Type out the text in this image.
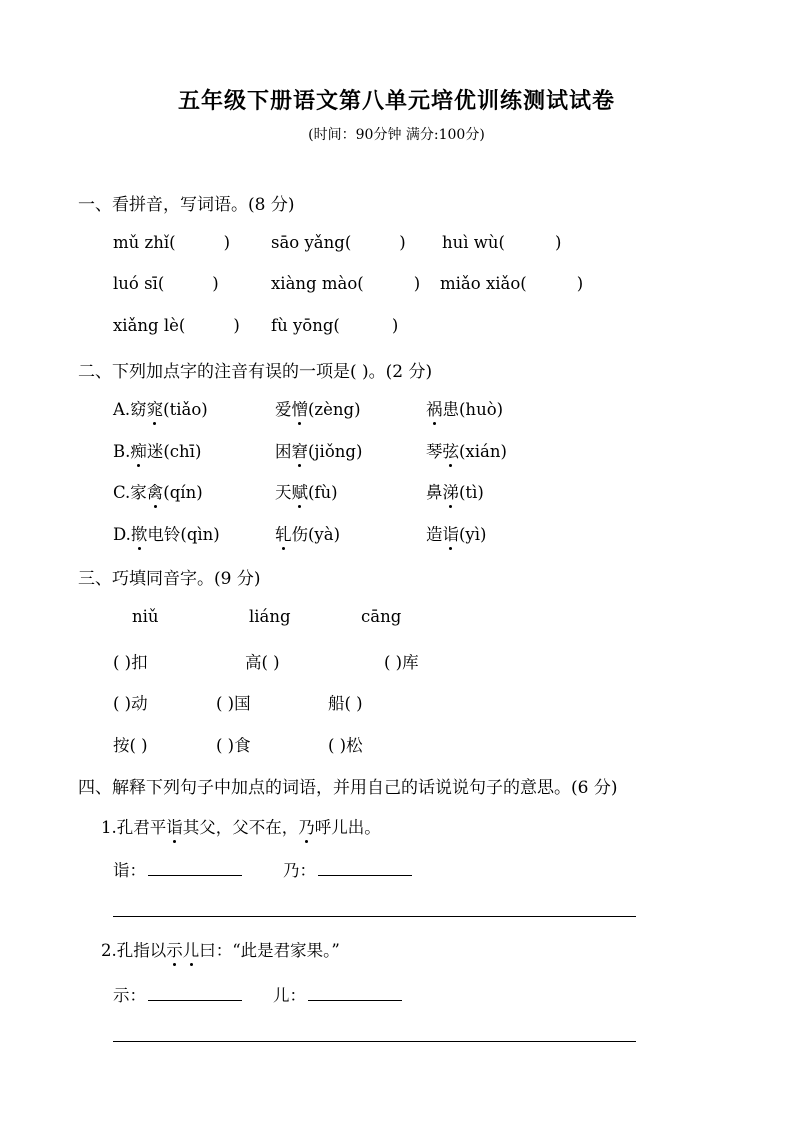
五年级下册语文第八单元培优训练测试试卷
(时间：90分钟 满分:100分)
一、看拼音，写词语。(8 分)
mǔ zhǐ(	) sāo yǎng(	) huì wù(	)
luó sī(	)	xiàng mào(	) miǎo xiǎo(	)
xiǎng lè(	) fù yōng(	)
二、下列加点字的注音有误的一项是( )。(2 分)
A.窈窕(tiǎo)	爱憎(zèng)	祸患(huò)
B.痴迷(chī)	困窘(jiǒng)	琴弦(xián)
C.家禽(qín)	天赋(fù)	鼻涕(tì)
D.揿电铃(qìn)	轧伤(yà)	造诣(yì)
三、巧填同音字。(9 分)
niǔ	liáng	cāng
( )扣	高( )	( )库
( )动	( )国	船( )
按( )	( )食	( )松
四、解释下列句子中加点的词语，并用自己的话说说句子的意思。(6 分)
1.孔君平诣其父，父不在，乃呼儿出。
诣：	乃：
2.孔指以示儿曰：“此是君家果。”
示：	儿：
